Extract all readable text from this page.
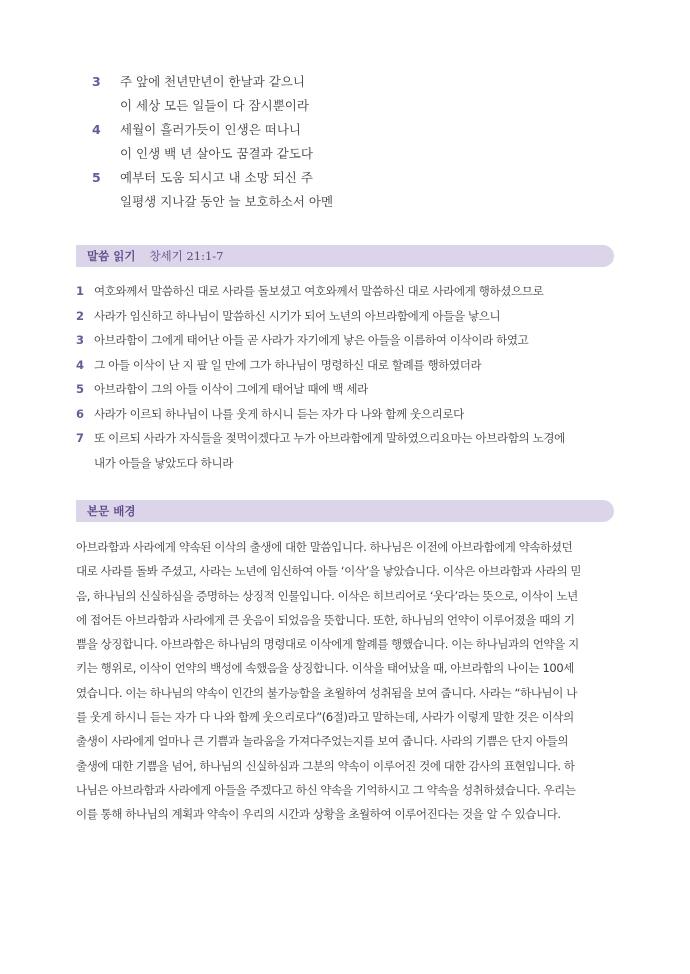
3	주 앞에 천년만년이 한날과 같으니
이 세상 모든 일들이 다 잠시뿐이라
4	세월이 흘러가듯이 인생은 떠나니
이 인생 백 년 살아도 꿈결과 같도다
5	예부터 도움 되시고 내 소망 되신 주
일평생 지나갈 동안 늘 보호하소서 아멘
말씀 읽기 창세기 21:1-7
1 여호와께서 말씀하신 대로 사라를 돌보셨고 여호와께서 말씀하신 대로 사라에게 행하셨으므로
2 사라가 임신하고 하나님이 말씀하신 시기가 되어 노년의 아브라함에게 아들을 낳으니
3 아브라함이 그에게 태어난 아들 곧 사라가 자기에게 낳은 아들을 이름하여 이삭이라 하였고
4 그 아들 이삭이 난 지 팔 일 만에 그가 하나님이 명령하신 대로 할례를 행하였더라
5 아브라함이 그의 아들 이삭이 그에게 태어날 때에 백 세라
6 사라가 이르되 하나님이 나를 웃게 하시니 듣는 자가 다 나와 함께 웃으리로다
7 또 이르되 사라가 자식들을 젖먹이겠다고 누가 아브라함에게 말하였으리요마는 아브라함의 노경에
내가 아들을 낳았도다 하니라
본문 배경
아브라함과 사라에게 약속된 이삭의 출생에 대한 말씀입니다. 하나님은 이전에 아브라함에게 약속하셨던
대로 사라를 돌봐 주셨고, 사라는 노년에 임신하여 아들 ‘이삭’을 낳았습니다. 이삭은 아브라함과 사라의 믿
음, 하나님의 신실하심을 증명하는 상징적 인물입니다. 이삭은 히브리어로 ‘웃다’라는 뜻으로, 이삭이 노년
에 접어든 아브라함과 사라에게 큰 웃음이 되었음을 뜻합니다. 또한, 하나님의 언약이 이루어졌을 때의 기
쁨을 상징합니다. 아브라함은 하나님의 명령대로 이삭에게 할례를 행했습니다. 이는 하나님과의 언약을 지
키는 행위로, 이삭이 언약의 백성에 속했음을 상징합니다. 이삭을 태어났을 때, 아브라함의 나이는 100세
였습니다. 이는 하나님의 약속이 인간의 불가능함을 초월하여 성취됨을 보여 줍니다. 사라는 “하나님이 나
를 웃게 하시니 듣는 자가 다 나와 함께 웃으리로다”(6절)라고 말하는데, 사라가 이렇게 말한 것은 이삭의
출생이 사라에게 얼마나 큰 기쁨과 놀라움을 가져다주었는지를 보여 줍니다. 사라의 기쁨은 단지 아들의
출생에 대한 기쁨을 넘어, 하나님의 신실하심과 그분의 약속이 이루어진 것에 대한 감사의 표현입니다. 하
나님은 아브라함과 사라에게 아들을 주겠다고 하신 약속을 기억하시고 그 약속을 성취하셨습니다. 우리는
이를 통해 하나님의 계획과 약속이 우리의 시간과 상황을 초월하여 이루어진다는 것을 알 수 있습니다.
